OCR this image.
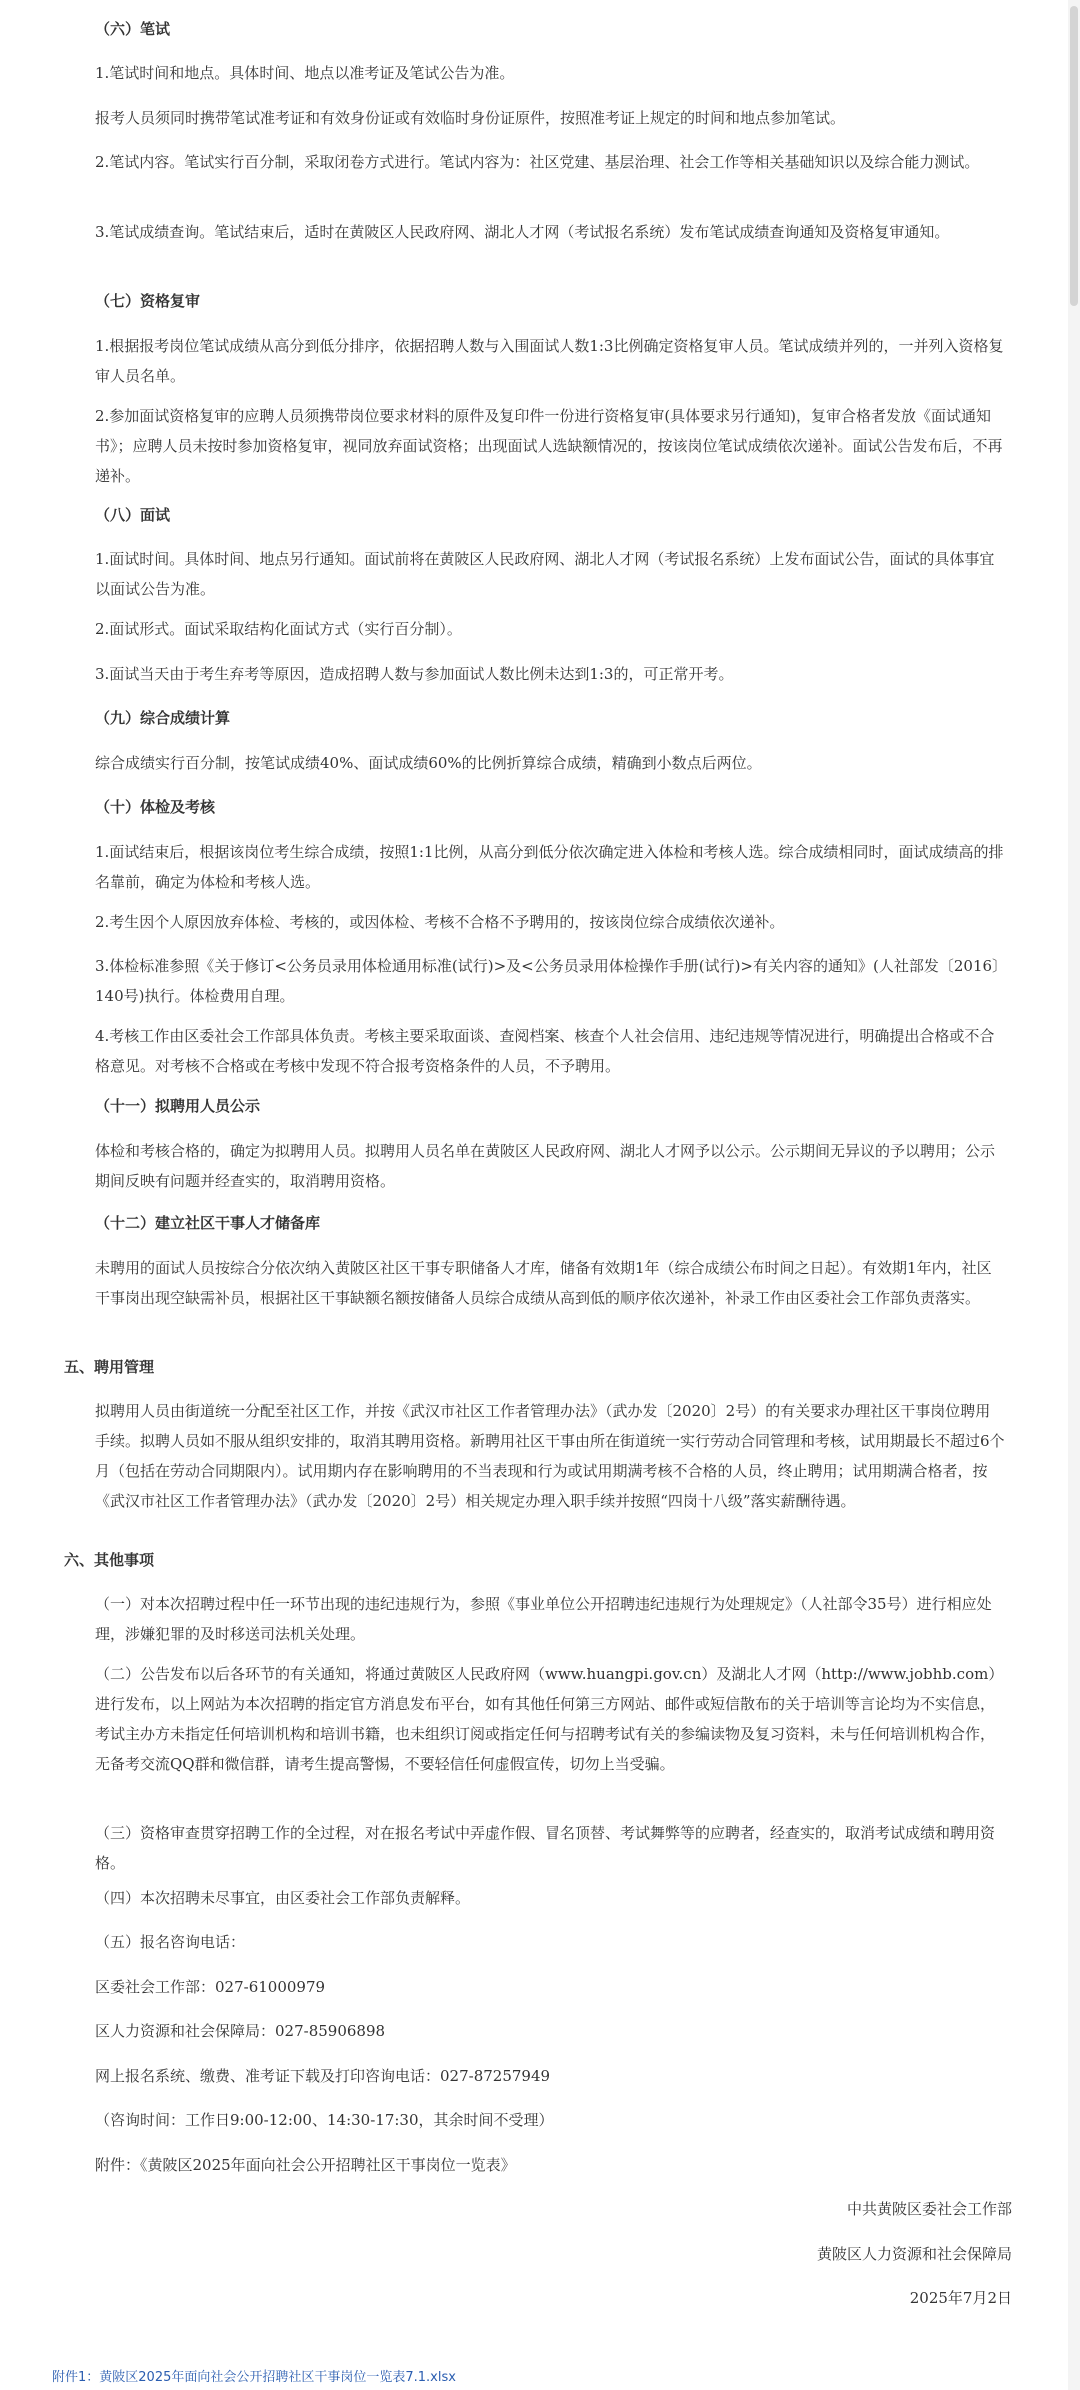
（六）笔试

1.笔试时间和地点。具体时间、地点以准考证及笔试公告为准。

报考人员须同时携带笔试准考证和有效身份证或有效临时身份证原件，按照准考证上规定的时间和地点参加笔试。

2.笔试内容。笔试实行百分制，采取闭卷方式进行。笔试内容为：社区党建、基层治理、社会工作等相关基础知识以及综合能力测试。

3.笔试成绩查询。笔试结束后，适时在黄陂区人民政府网、湖北人才网（考试报名系统）发布笔试成绩查询通知及资格复审通知。

（七）资格复审

1.根据报考岗位笔试成绩从高分到低分排序，依据招聘人数与入围面试人数1:3比例确定资格复审人员。笔试成绩并列的，一并列入资格复审人员名单。

2.参加面试资格复审的应聘人员须携带岗位要求材料的原件及复印件一份进行资格复审(具体要求另行通知)，复审合格者发放《面试通知书》；应聘人员未按时参加资格复审，视同放弃面试资格；出现面试人选缺额情况的，按该岗位笔试成绩依次递补。面试公告发布后，不再递补。

（八）面试

1.面试时间。具体时间、地点另行通知。面试前将在黄陂区人民政府网、湖北人才网（考试报名系统）上发布面试公告，面试的具体事宜以面试公告为准。

2.面试形式。面试采取结构化面试方式（实行百分制）。

3.面试当天由于考生弃考等原因，造成招聘人数与参加面试人数比例未达到1:3的，可正常开考。

（九）综合成绩计算

综合成绩实行百分制，按笔试成绩40%、面试成绩60%的比例折算综合成绩，精确到小数点后两位。

（十）体检及考核

1.面试结束后，根据该岗位考生综合成绩，按照1:1比例，从高分到低分依次确定进入体检和考核人选。综合成绩相同时，面试成绩高的排名靠前，确定为体检和考核人选。

2.考生因个人原因放弃体检、考核的，或因体检、考核不合格不予聘用的，按该岗位综合成绩依次递补。

3.体检标准参照《关于修订<公务员录用体检通用标准(试行)>及<公务员录用体检操作手册(试行)>有关内容的通知》(人社部发〔2016〕140号)执行。体检费用自理。

4.考核工作由区委社会工作部具体负责。考核主要采取面谈、查阅档案、核查个人社会信用、违纪违规等情况进行，明确提出合格或不合格意见。对考核不合格或在考核中发现不符合报考资格条件的人员，不予聘用。

（十一）拟聘用人员公示

体检和考核合格的，确定为拟聘用人员。拟聘用人员名单在黄陂区人民政府网、湖北人才网予以公示。公示期间无异议的予以聘用；公示期间反映有问题并经查实的，取消聘用资格。

（十二）建立社区干事人才储备库

未聘用的面试人员按综合分依次纳入黄陂区社区干事专职储备人才库，储备有效期1年（综合成绩公布时间之日起）。有效期1年内，社区干事岗出现空缺需补员，根据社区干事缺额名额按储备人员综合成绩从高到低的顺序依次递补，补录工作由区委社会工作部负责落实。

五、聘用管理

拟聘用人员由街道统一分配至社区工作，并按《武汉市社区工作者管理办法》（武办发〔2020〕2号）的有关要求办理社区干事岗位聘用手续。拟聘人员如不服从组织安排的，取消其聘用资格。新聘用社区干事由所在街道统一实行劳动合同管理和考核，试用期最长不超过6个月（包括在劳动合同期限内）。试用期内存在影响聘用的不当表现和行为或试用期满考核不合格的人员，终止聘用；试用期满合格者，按《武汉市社区工作者管理办法》（武办发〔2020〕2号）相关规定办理入职手续并按照“四岗十八级”落实薪酬待遇。

六、其他事项

（一）对本次招聘过程中任一环节出现的违纪违规行为，参照《事业单位公开招聘违纪违规行为处理规定》（人社部令35号）进行相应处理，涉嫌犯罪的及时移送司法机关处理。

（二）公告发布以后各环节的有关通知，将通过黄陂区人民政府网（www.huangpi.gov.cn）及湖北人才网（http://www.jobhb.com）进行发布，以上网站为本次招聘的指定官方消息发布平台，如有其他任何第三方网站、邮件或短信散布的关于培训等言论均为不实信息，考试主办方未指定任何培训机构和培训书籍，也未组织订阅或指定任何与招聘考试有关的参编读物及复习资料，未与任何培训机构合作，无备考交流QQ群和微信群，请考生提高警惕，不要轻信任何虚假宣传，切勿上当受骗。

（三）资格审查贯穿招聘工作的全过程，对在报名考试中弄虚作假、冒名顶替、考试舞弊等的应聘者，经查实的，取消考试成绩和聘用资格。

（四）本次招聘未尽事宜，由区委社会工作部负责解释。

（五）报名咨询电话：

区委社会工作部：027-61000979

区人力资源和社会保障局：027-85906898

网上报名系统、缴费、准考证下载及打印咨询电话：027-87257949

（咨询时间：工作日9:00-12:00、14:30-17:30，其余时间不受理）

附件：《黄陂区2025年面向社会公开招聘社区干事岗位一览表》

中共黄陂区委社会工作部
黄陂区人力资源和社会保障局
2025年7月2日
附件1：黄陂区2025年面向社会公开招聘社区干事岗位一览表7.1.xlsx
